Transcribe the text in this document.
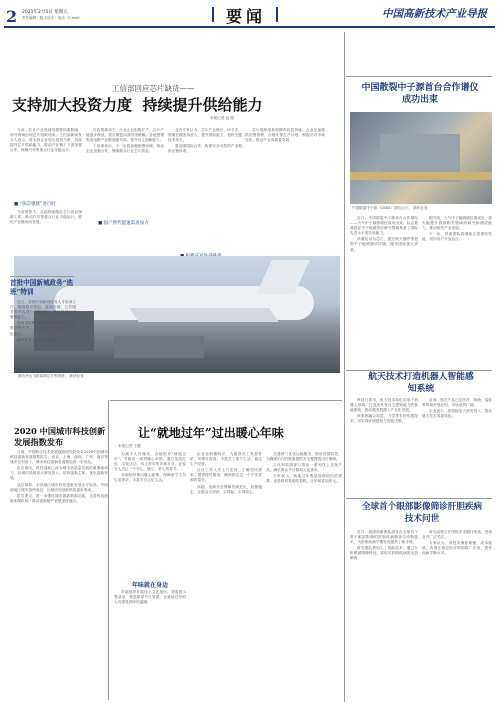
2 2021年2月5日 星期五
责任编辑 · 版式设计 · 电话 · E-mail	要闻	中国高新技术产业导报
工信部回应芯片缺货——
支持加大投资力度  持续提升供给能力
本报记者 赵 超

当前，芯片产业受到疫情等因素影响，部分领域出现芯片短缺现象。工信部新闻发言人表示，将支持企业加大投资力度，持续提升芯片供给能力，推动产业链上下游加强合作，保障汽车等重点行业平稳运行。

当前形势下，各地持续做好芯片供应保障工作，推动汽车等重点行业平稳运行，强化产业链协同发展。

■ “扶芯强链”进行时

在政策推动下，行业企业积极扩产，芯片产能逐步释放，供应紧张局面有望缓解。各地围绕集成电路产业链加强布局，提升自主创新能力。

工信部表示，下一步将加强统筹协调，推动企业加强合作，保障重点行业芯片供应。

■ 国产替代提速需再加力

业内专家认为，芯片产业链长、环节多，需要长期坚持投入，提升供给能力，加快关键技术攻关。

要加强国际合作，构建安全可控的产业链供应链体系。

芯片短缺现象短期内仍将持续，企业应加强供应链管理，合理安排生产计划，积极应对市场变化，推动产业高质量发展。

图为货运飞机装载芯片等物资。 新华社发
首批中国新城政务“选班”特训

近日，多地开展新城政务人才培训工作，围绕数字政府、营商环境、公共服务等内容进行专题培训，提升基层干部履职能力。

培训采取集中授课、案例教学、现场教学等方式，进一步提升干部队伍专业化能力。

新华社发 新华社记者 摄

2020 中国城市科技创新发展指数发布

日前，中国科学技术发展战略研究院发布2020中国城市科技创新发展指数报告，北京、上海、深圳、广州、南京等城市位列前十，城市科技创新发展格局进一步优化。

报告指出，科技创新已成为城市高质量发展的重要驱动力，各城市持续加大研发投入，培育创新主体，优化创新环境。

从区域看，东部地区城市科技创新发展水平较高，中西部地区城市加快追赶，区域协同创新格局逐步形成。

报告建议，进一步强化城市创新策源功能，完善科技创新体制机制，推动创新链产业链深度融合。

让“就地过年”过出暖心年味
本报记者 王健

为减少人员流动，各地倡导“就地过年”，并推出一系列暖心举措，通过发放红包、文化活动、线上拜年等多种方式，让留守人员过一个安心、暖心、舒心的春节。

各地纷纷推出暖心政策，保障留守人员生活需求，丰富节日文化生活。

年味就在身边

多地组织开展线上文艺演出、非遗展示等活动，营造浓厚节日氛围，让就地过年的人们感受到家的温暖。

企业也积极响应，为留岗员工发放补贴、安排年夜饭，丰富员工春节生活，稳定生产经营。

社区工作人员上门走访，了解居民需求，提供便民服务，确保群众过一个平安祥和的春节。

商超、电商平台保障货源充足，价格稳定，让群众买得到、买得起、买得放心。

交通部门优化运输服务，做好疫情防控，为确需出行的旅客提供安全便捷的出行保障。

文化和旅游部门推出一系列线上文化产品，满足群众节日精神文化需求。

专家表示，就地过年既是疫情防控的需要，也是移风易俗的契机，让年味更加多元。

中国散裂中子源首台合作谱仪成功出束
中国散裂中子源（CSNS）谱仪大厅。 新华社发

近日，中国散裂中子源首台合作谱仪——大气中子辐照谱仪成功出束，标志着我国在中子辐照效应研究领域具备了国际先进水平的实验能力。

该谱仪可为芯片、航空航天器件等提供中子辐照测试环境，服务国家重大需求。

据介绍，大气中子辐照谱仪建成后，将大幅提升我国相关领域的研究和测试能力，推动相关产业发展。

下一步，科研团队将继续完善谱仪性能，面向用户开放运行。

航天技术打造机器人智能感知系统

科技日报讯，航天技术转化应用于机器人领域，打造出具有自主感知能力的智能系统，推动服务机器人产业化发展。

该系统融合视觉、力觉等多种传感技术，可实现环境感知与智能决策。

目前，相关产品已在医疗、物流、巡检等领域开展应用，市场前景广阔。

企业表示，将持续加大研发投入，推动航天技术成果转化。

全球首个眼部影像筛诊肝胆疾病技术问世

近日，我国科研团队研发出全球首个基于眼部影像的肝胆疾病筛查与诊断技术，为肝胆疾病早期发现提供了新手段。

研究团队利用人工智能技术，通过分析眼部图像特征，实现对肝胆疾病的无创筛查。

研究成果已在国际学术期刊发表，受到业内广泛关注。

专家认为，该技术操作简便、成本较低，有望在基层医疗机构推广应用，提升疾病早筛水平。
